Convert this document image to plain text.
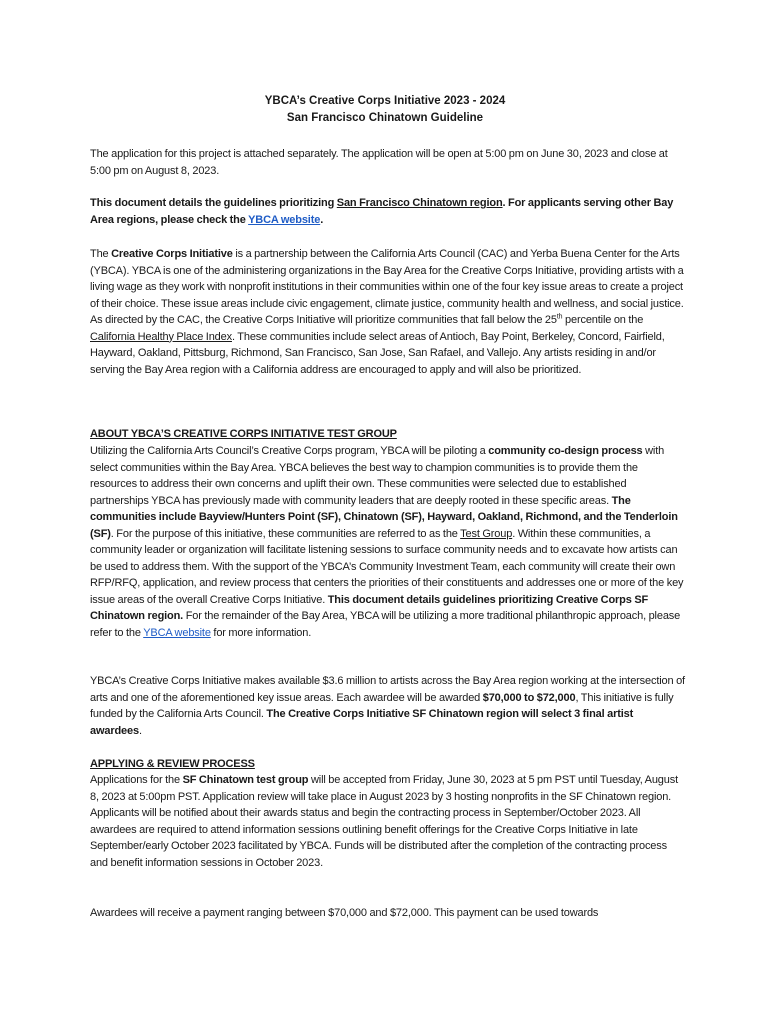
YBCA’s Creative Corps Initiative 2023 - 2024
San Francisco Chinatown Guideline
The application for this project is attached separately. The application will be open at 5:00 pm on June 30, 2023 and close at 5:00 pm on August 8, 2023.
This document details the guidelines prioritizing San Francisco Chinatown region. For applicants serving other Bay Area regions, please check the YBCA website.
The Creative Corps Initiative is a partnership between the California Arts Council (CAC) and Yerba Buena Center for the Arts (YBCA). YBCA is one of the administering organizations in the Bay Area for the Creative Corps Initiative, providing artists with a living wage as they work with nonprofit institutions in their communities within one of the four key issue areas to create a project of their choice. These issue areas include civic engagement, climate justice, community health and wellness, and social justice. As directed by the CAC, the Creative Corps Initiative will prioritize communities that fall below the 25th percentile on the California Healthy Place Index. These communities include select areas of Antioch, Bay Point, Berkeley, Concord, Fairfield, Hayward, Oakland, Pittsburg, Richmond, San Francisco, San Jose, San Rafael, and Vallejo. Any artists residing in and/or serving the Bay Area region with a California address are encouraged to apply and will also be prioritized.
ABOUT YBCA’S CREATIVE CORPS INITIATIVE TEST GROUP
Utilizing the California Arts Council’s Creative Corps program, YBCA will be piloting a community co-design process with select communities within the Bay Area. YBCA believes the best way to champion communities is to provide them the resources to address their own concerns and uplift their own. These communities were selected due to established partnerships YBCA has previously made with community leaders that are deeply rooted in these specific areas. The communities include Bayview/Hunters Point (SF), Chinatown (SF), Hayward, Oakland, Richmond, and the Tenderloin (SF). For the purpose of this initiative, these communities are referred to as the Test Group. Within these communities, a community leader or organization will facilitate listening sessions to surface community needs and to excavate how artists can be used to address them. With the support of the YBCA’s Community Investment Team, each community will create their own RFP/RFQ, application, and review process that centers the priorities of their constituents and addresses one or more of the key issue areas of the overall Creative Corps Initiative. This document details guidelines prioritizing Creative Corps SF Chinatown region. For the remainder of the Bay Area, YBCA will be utilizing a more traditional philanthropic approach, please refer to the YBCA website for more information.
YBCA’s Creative Corps Initiative makes available $3.6 million to artists across the Bay Area region working at the intersection of arts and one of the aforementioned key issue areas. Each awardee will be awarded $70,000 to $72,000, This initiative is fully funded by the California Arts Council. The Creative Corps Initiative SF Chinatown region will select 3 final artist awardees.
APPLYING & REVIEW PROCESS
Applications for the SF Chinatown test group will be accepted from Friday, June 30, 2023 at 5 pm PST until Tuesday, August 8, 2023 at 5:00pm PST. Application review will take place in August 2023 by 3 hosting nonprofits in the SF Chinatown region. Applicants will be notified about their awards status and begin the contracting process in September/October 2023. All awardees are required to attend information sessions outlining benefit offerings for the Creative Corps Initiative in late September/early October 2023 facilitated by YBCA. Funds will be distributed after the completion of the contracting process and benefit information sessions in October 2023.
Awardees will receive a payment ranging between $70,000 and $72,000. This payment can be used towards
